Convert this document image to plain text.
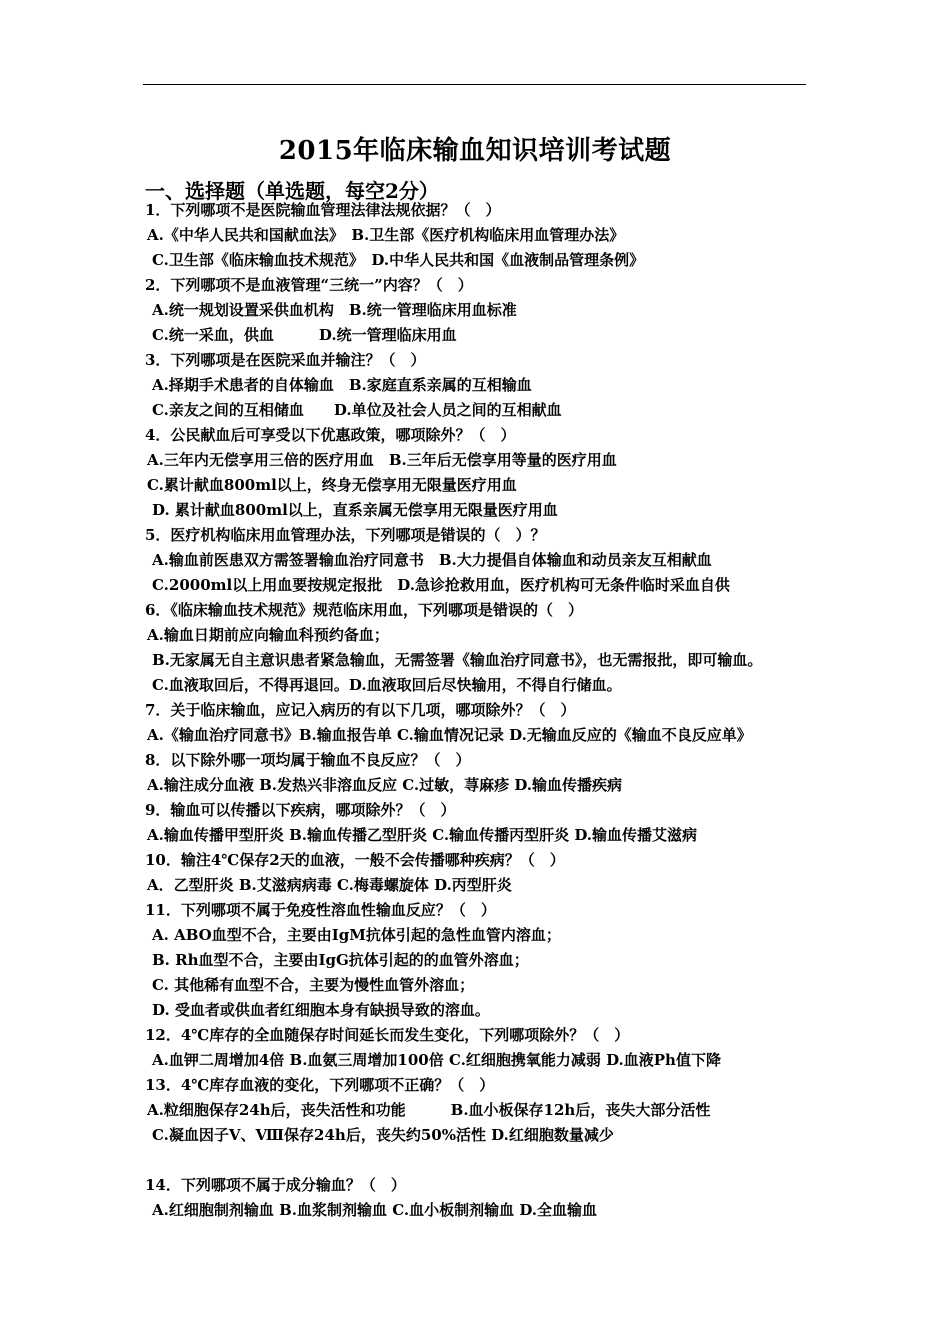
2015年临床输血知识培训考试题
一、选择题（单选题，每空2分）
1．下列哪项不是医院输血管理法律法规依据？（　）
A.《中华人民共和国献血法》　B.卫生部《医疗机构临床用血管理办法》
C.卫生部《临床输血技术规范》　D.中华人民共和国《血液制品管理条例》
2．下列哪项不是血液管理“三统一”内容？（　）
A.统一规划设置采供血机构　B.统一管理临床用血标准
C.统一采血，供血　　　D.统一管理临床用血
3．下列哪项是在医院采血并输注？（　）
A.择期手术患者的自体输血　B.家庭直系亲属的互相输血
C.亲友之间的互相储血　　D.单位及社会人员之间的互相献血
4．公民献血后可享受以下优惠政策，哪项除外？（　）
A.三年内无偿享用三倍的医疗用血　B.三年后无偿享用等量的医疗用血
C.累计献血800ml以上，终身无偿享用无限量医疗用血
D. 累计献血800ml以上，直系亲属无偿享用无限量医疗用血
5．医疗机构临床用血管理办法，下列哪项是错误的（　）？
A.输血前医患双方需签署输血治疗同意书　B.大力提倡自体输血和动员亲友互相献血
C.2000ml以上用血要按规定报批　D.急诊抢救用血，医疗机构可无条件临时采血自供
6．《临床输血技术规范》规范临床用血，下列哪项是错误的（　）
A.输血日期前应向输血科预约备血；
B.无家属无自主意识患者紧急输血，无需签署《输血治疗同意书》，也无需报批，即可输血。
C.血液取回后，不得再退回。D.血液取回后尽快输用，不得自行储血。
7．关于临床输血，应记入病历的有以下几项，哪项除外？（　）
A.《输血治疗同意书》B.输血报告单 C.输血情况记录 D.无输血反应的《输血不良反应单》
8．以下除外哪一项均属于输血不良反应？（　）
A.输注成分血液 B.发热兴非溶血反应 C.过敏，荨麻疹 D.输血传播疾病
9．输血可以传播以下疾病，哪项除外？（　）
A.输血传播甲型肝炎 B.输血传播乙型肝炎 C.输血传播丙型肝炎 D.输血传播艾滋病
10．输注4℃保存2天的血液，一般不会传播哪种疾病？（　）
A．乙型肝炎 B.艾滋病病毒 C.梅毒螺旋体 D.丙型肝炎
11．下列哪项不属于免疫性溶血性输血反应？（　）
A. ABO血型不合，主要由IgM抗体引起的急性血管内溶血；
B. Rh血型不合，主要由IgG抗体引起的的血管外溶血；
C. 其他稀有血型不合，主要为慢性血管外溶血；
D. 受血者或供血者红细胞本身有缺损导致的溶血。
12．4℃库存的全血随保存时间延长而发生变化，下列哪项除外？（　）
A.血钾二周增加4倍 B.血氨三周增加100倍 C.红细胞携氧能力减弱 D.血液Ph值下降
13．4℃库存血液的变化，下列哪项不正确？（　）
A.粒细胞保存24h后，丧失活性和功能　　　B.血小板保存12h后，丧失大部分活性
C.凝血因子Ⅴ、Ⅷ保存24h后，丧失约50%活性 D.红细胞数量减少
14．下列哪项不属于成分输血？（　）
A.红细胞制剂输血 B.血浆制剂输血 C.血小板制剂输血 D.全血输血
